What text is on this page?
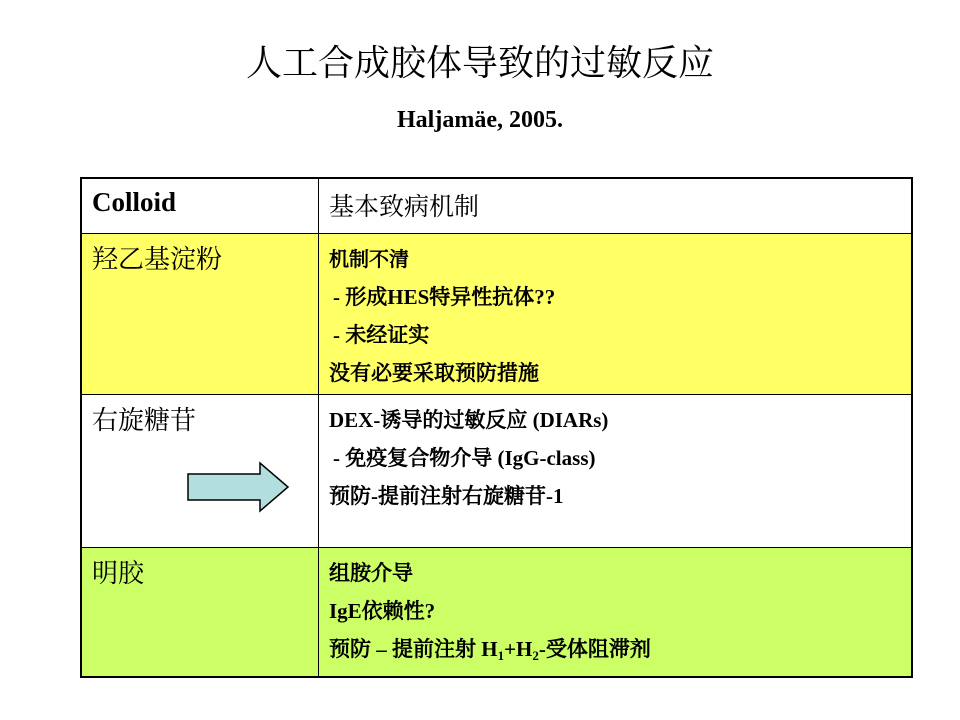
人工合成胶体导致的过敏反应
Haljamäe, 2005.
Colloid	基本致病机制

羟乙基淀粉	机制不清
- 形成HES特异性抗体??
- 未经证实
没有必要采取预防措施

右旋糖苷	DEX-诱导的过敏反应 (DIARs)
- 免疫复合物介导 (IgG-class)
预防-提前注射右旋糖苷-1

明胶	组胺介导
IgE依赖性?
预防 – 提前注射 $H_1+H_2-$受体阻滞剂
